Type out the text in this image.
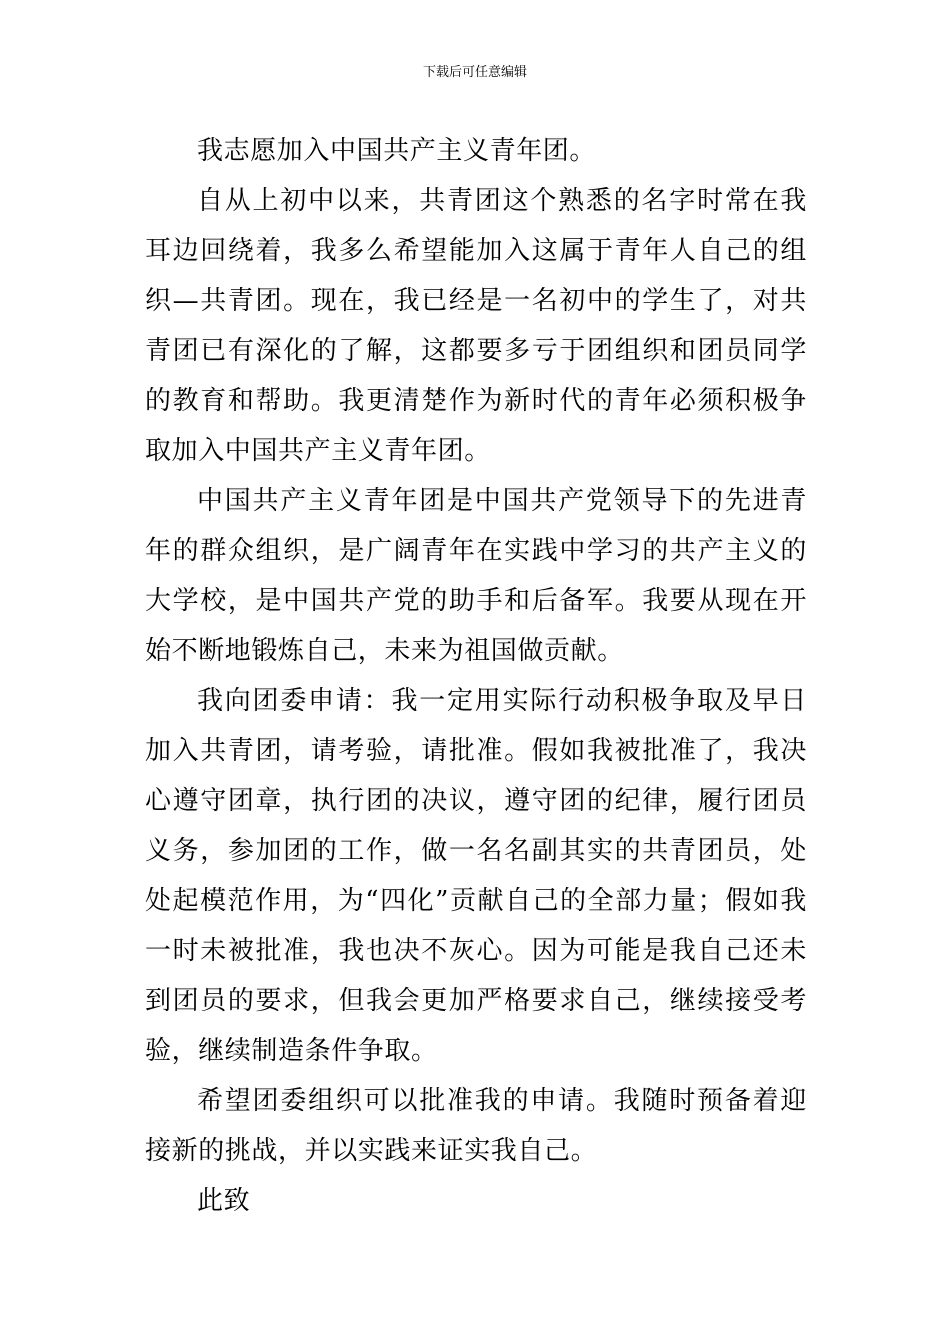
下载后可任意编辑

我志愿加入中国共产主义青年团。

自从上初中以来，共青团这个熟悉的名字时常在我耳边回绕着，我多么希望能加入这属于青年人自己的组织—共青团。现在，我已经是一名初中的学生了，对共青团已有深化的了解，这都要多亏于团组织和团员同学的教育和帮助。我更清楚作为新时代的青年必须积极争取加入中国共产主义青年团。

中国共产主义青年团是中国共产党领导下的先进青年的群众组织，是广阔青年在实践中学习的共产主义的大学校，是中国共产党的助手和后备军。我要从现在开始不断地锻炼自己，未来为祖国做贡献。

我向团委申请：我一定用实际行动积极争取及早日加入共青团，请考验，请批准。假如我被批准了，我决心遵守团章，执行团的决议，遵守团的纪律，履行团员义务，参加团的工作，做一名名副其实的共青团员，处处起模范作用，为“四化”贡献自己的全部力量；假如我一时未被批准，我也决不灰心。因为可能是我自己还未到团员的要求，但我会更加严格要求自己，继续接受考验，继续制造条件争取。

希望团委组织可以批准我的申请。我随时预备着迎接新的挑战，并以实践来证实我自己。

此致
